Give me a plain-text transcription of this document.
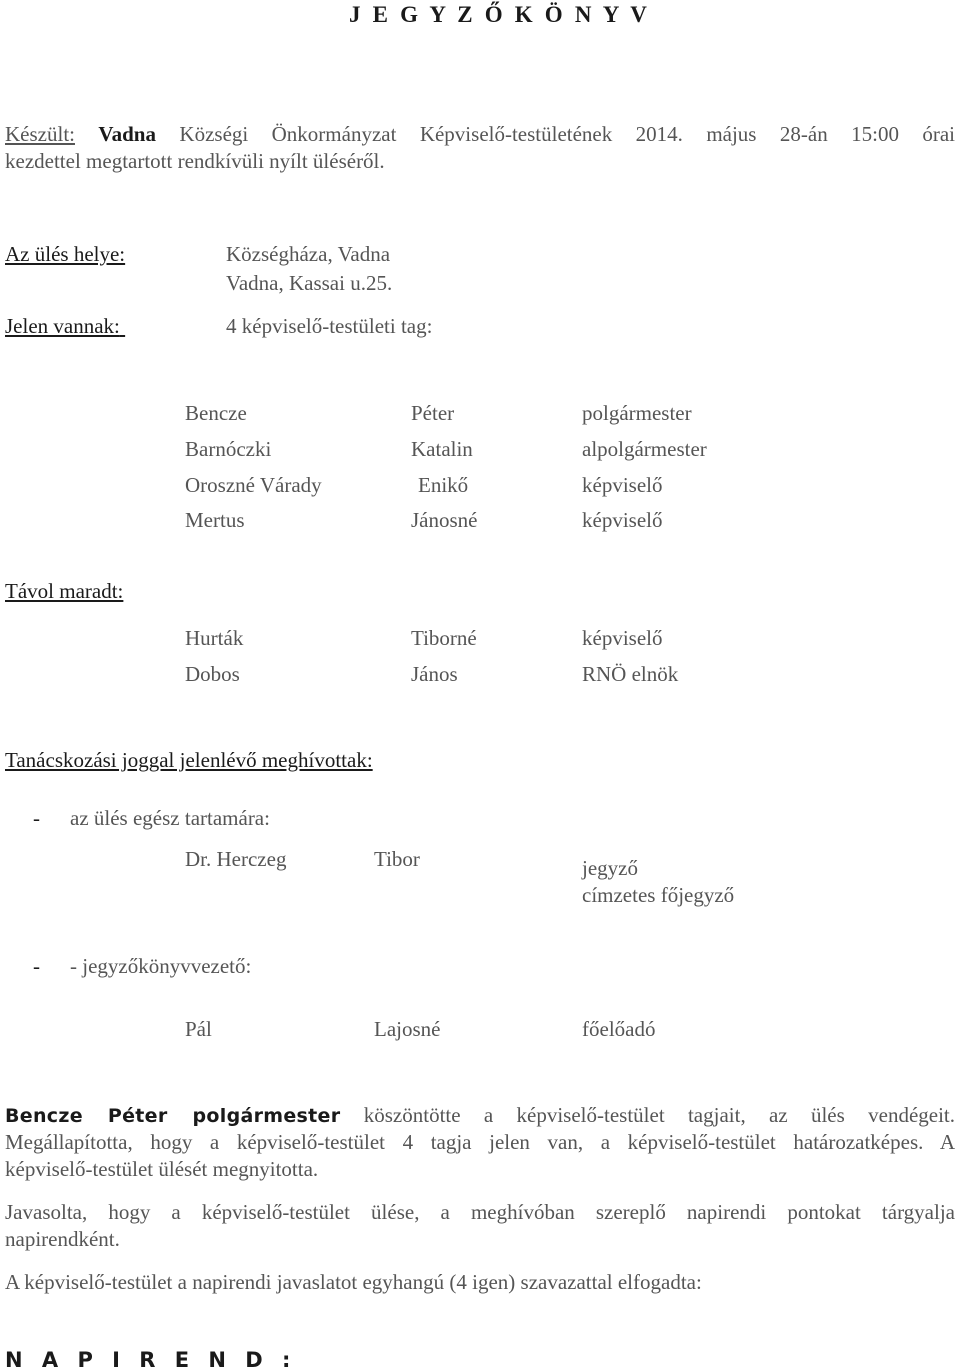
J E G Y Z Ő K Ö N Y V
Készült: Vadna Községi Önkormányzat Képviselő-testületének 2014. május 28-án 15:00 órai
kezdettel megtartott rendkívüli nyílt üléséről.
Az ülés helye:	Községháza, Vadna
Vadna, Kassai u.25.
Jelen vannak:	4 képviselő-testületi tag:
Bencze	Péter	polgármester
Barnóczki	Katalin	alpolgármester
Oroszné Várady	Enikő	képviselő
Mertus	Jánosné	képviselő
Távol maradt:
Hurták	Tiborné	képviselő
Dobos	János	RNÖ elnök
Tanácskozási joggal jelenlévő meghívottak:
- az ülés egész tartamára:
Dr. Herczeg	Tibor	jegyző
címzetes főjegyző
- - jegyzőkönyvvezető:
Pál	Lajosné	főelőadó
Bencze Péter polgármester köszöntötte a képviselő-testület tagjait, az ülés vendégeit.
Megállapította, hogy a képviselő-testület 4 tagja jelen van, a képviselő-testület határozatképes. A
képviselő-testület ülését megnyitotta.
Javasolta, hogy a képviselő-testület ülése, a meghívóban szereplő napirendi pontokat tárgyalja
napirendként.
A képviselő-testület a napirendi javaslatot egyhangú (4 igen) szavazattal elfogadta:
N A P I R E N D :
